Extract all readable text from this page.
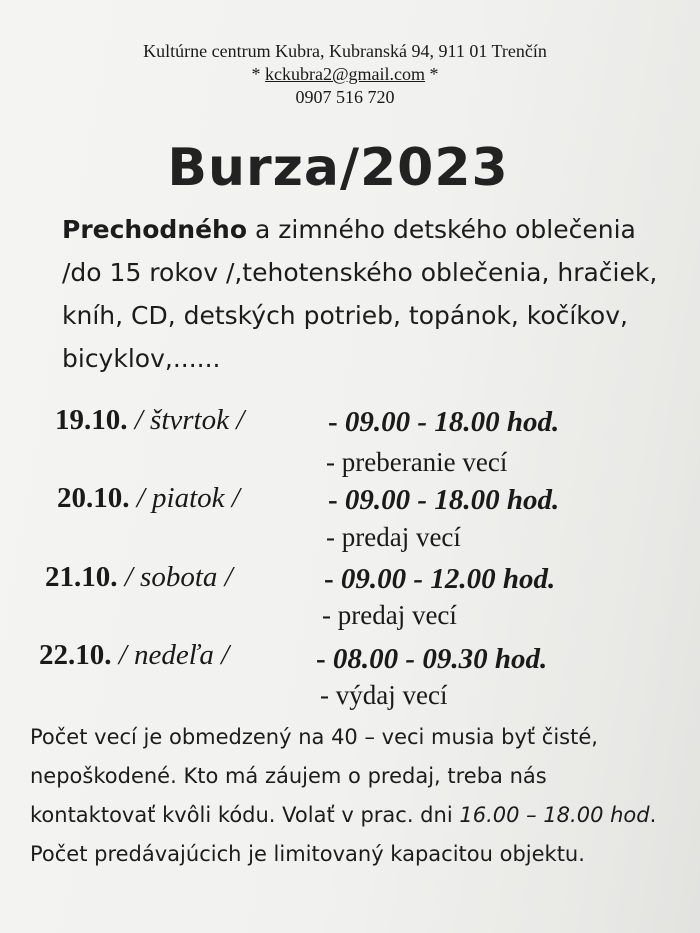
Kultúrne centrum Kubra, Kubranská 94, 911 01 Trenčín
* kckubra2@gmail.com *
0907 516 720
Burza/2023
Prechodného a zimného detského oblečenia /do 15 rokov /,tehotenského oblečenia, hračiek, kníh, CD, detských potrieb, topánok, kočíkov, bicyklov,......
19.10. / štvrtok /	- 09.00 - 18.00 hod.
- preberanie vecí
20.10. / piatok /	- 09.00 - 18.00 hod.
- predaj vecí
21.10. / sobota /	- 09.00 - 12.00 hod.
- predaj vecí
22.10. / nedeľa /	- 08.00 - 09.30 hod.
- výdaj vecí
Počet vecí je obmedzený na 40 – veci musia byť čisté, nepoškodené. Kto má záujem o predaj, treba nás kontaktovať kvôli kódu. Volať v prac. dni 16.00 – 18.00 hod. Počet predávajúcich je limitovaný kapacitou objektu.
